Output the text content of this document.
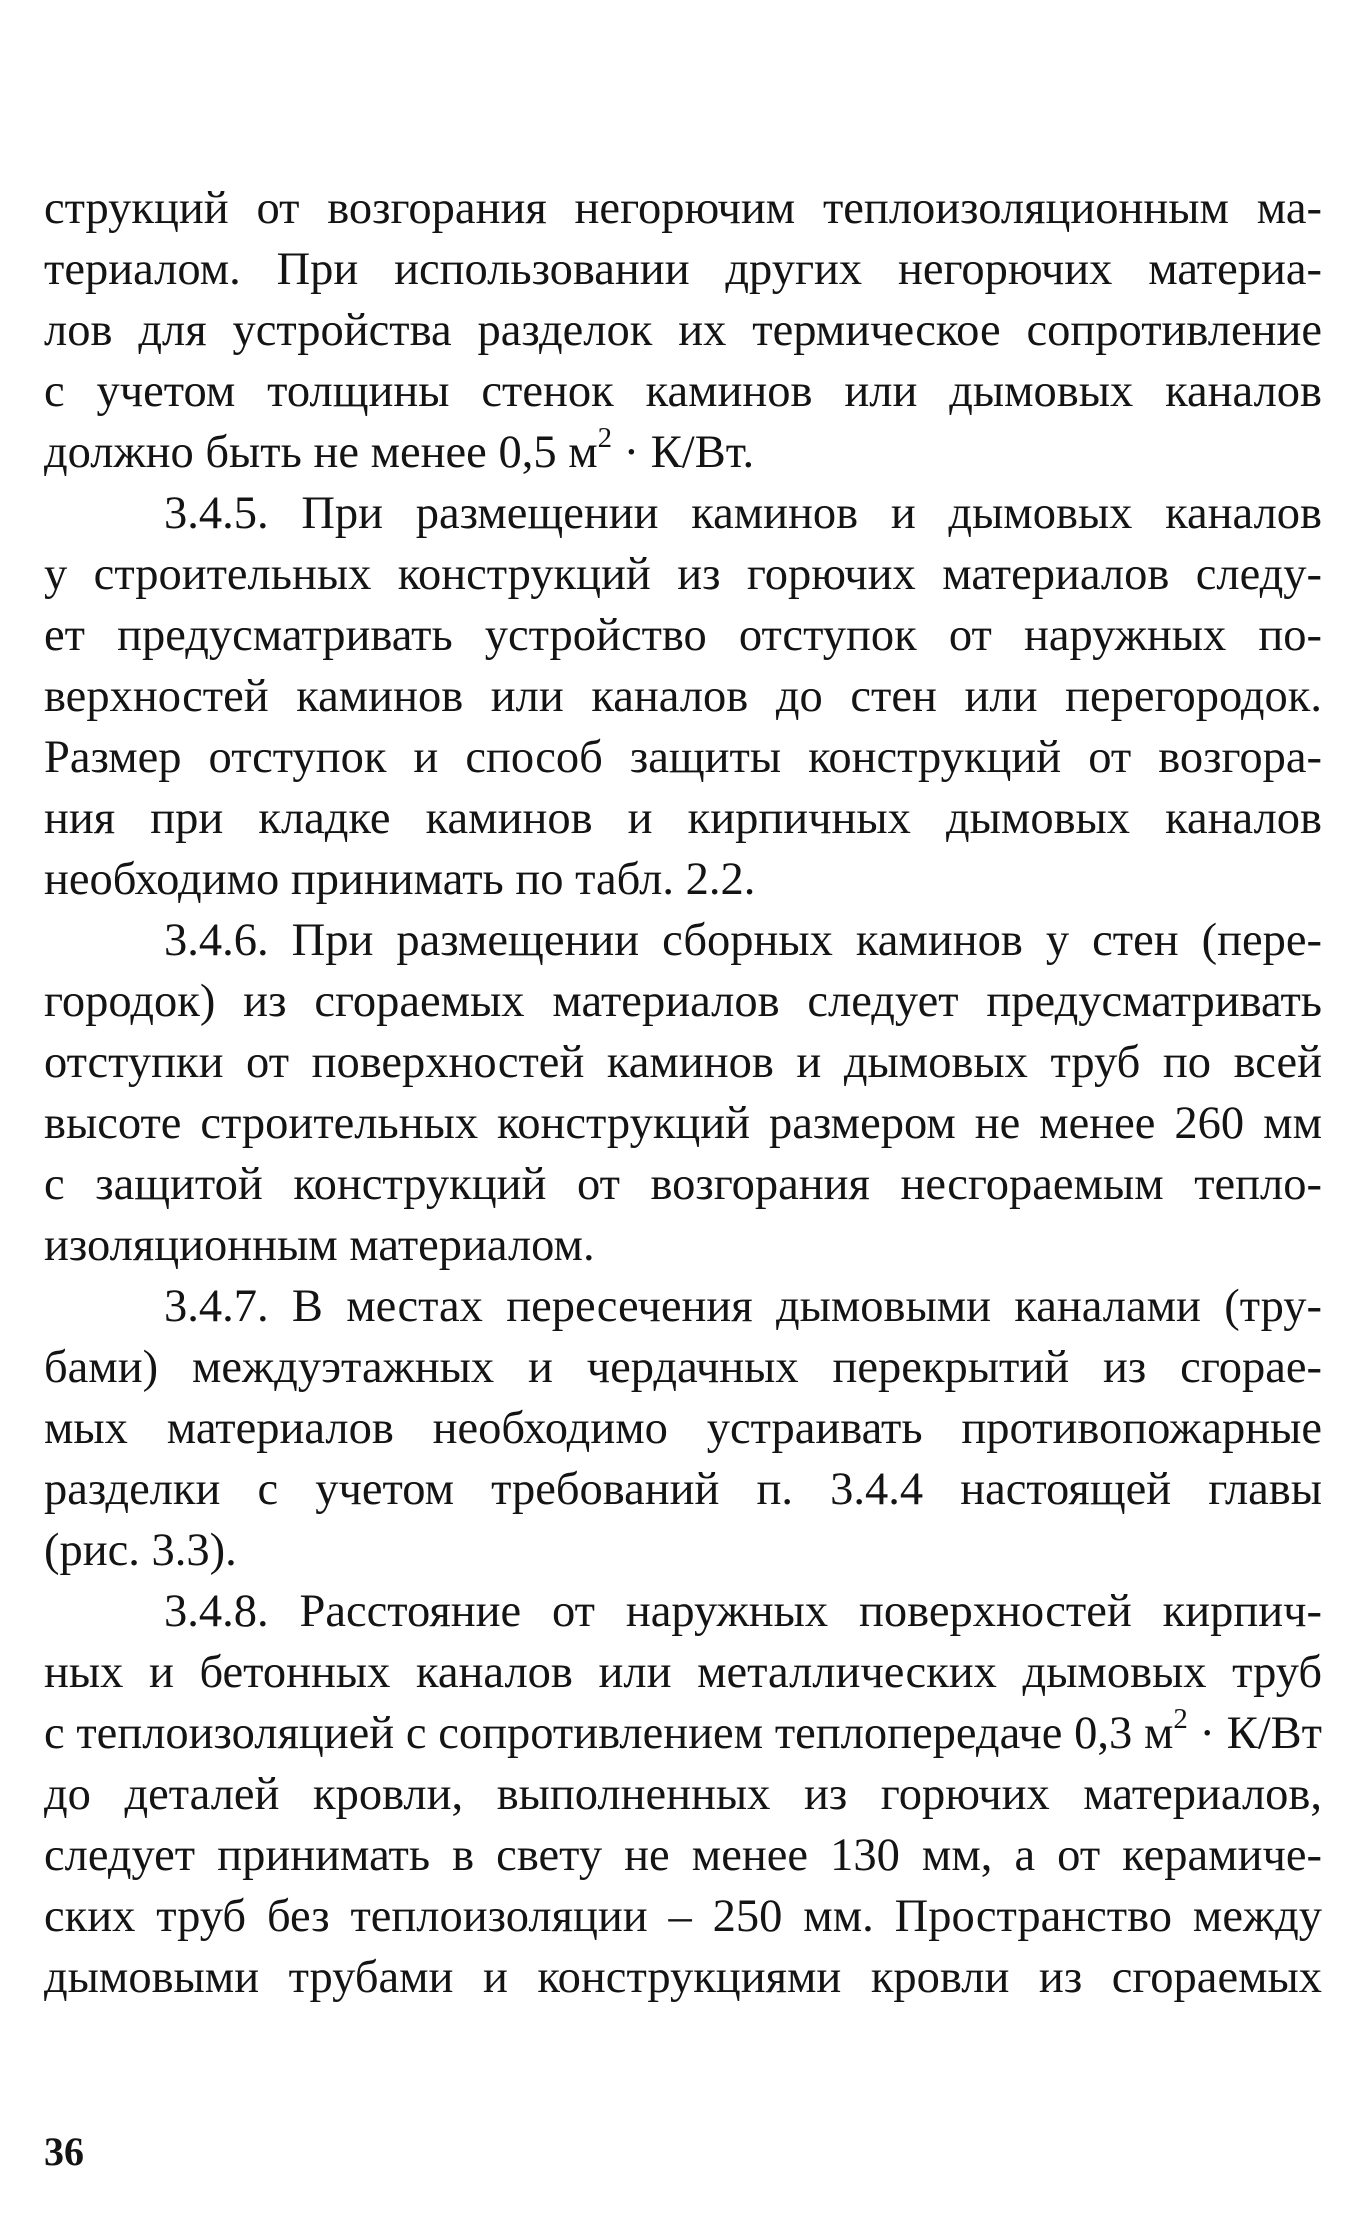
струкций от возгорания негорючим теплоизоляционным ма-
териалом. При использовании других негорючих материа-
лов для устройства разделок их термическое сопротивление
с учетом толщины стенок каминов или дымовых каналов
должно быть не менее 0,5 $м^2 \cdot К/Вт$.
3.4.5. При размещении каминов и дымовых каналов
у строительных конструкций из горючих материалов следу-
ет предусматривать устройство отступок от наружных по-
верхностей каминов или каналов до стен или перегородок.
Размер отступок и способ защиты конструкций от возгора-
ния при кладке каминов и кирпичных дымовых каналов
необходимо принимать по табл. 2.2.
3.4.6. При размещении сборных каминов у стен (пере-
городок) из сгораемых материалов следует предусматривать
отступки от поверхностей каминов и дымовых труб по всей
высоте строительных конструкций размером не менее 260 мм
с защитой конструкций от возгорания несгораемым тепло-
изоляционным материалом.
3.4.7. В местах пересечения дымовыми каналами (тру-
бами) междуэтажных и чердачных перекрытий из сгорае-
мых материалов необходимо устраивать противопожарные
разделки с учетом требований п. 3.4.4 настоящей главы
(рис. 3.3).
3.4.8. Расстояние от наружных поверхностей кирпич-
ных и бетонных каналов или металлических дымовых труб
с теплоизоляцией с сопротивлением теплопередаче 0,3 $м^2 \cdot К/Вт$
до деталей кровли, выполненных из горючих материалов,
следует принимать в свету не менее 130 мм, а от керамиче-
ских труб без теплоизоляции – 250 мм. Пространство между
дымовыми трубами и конструкциями кровли из сгораемых
36
